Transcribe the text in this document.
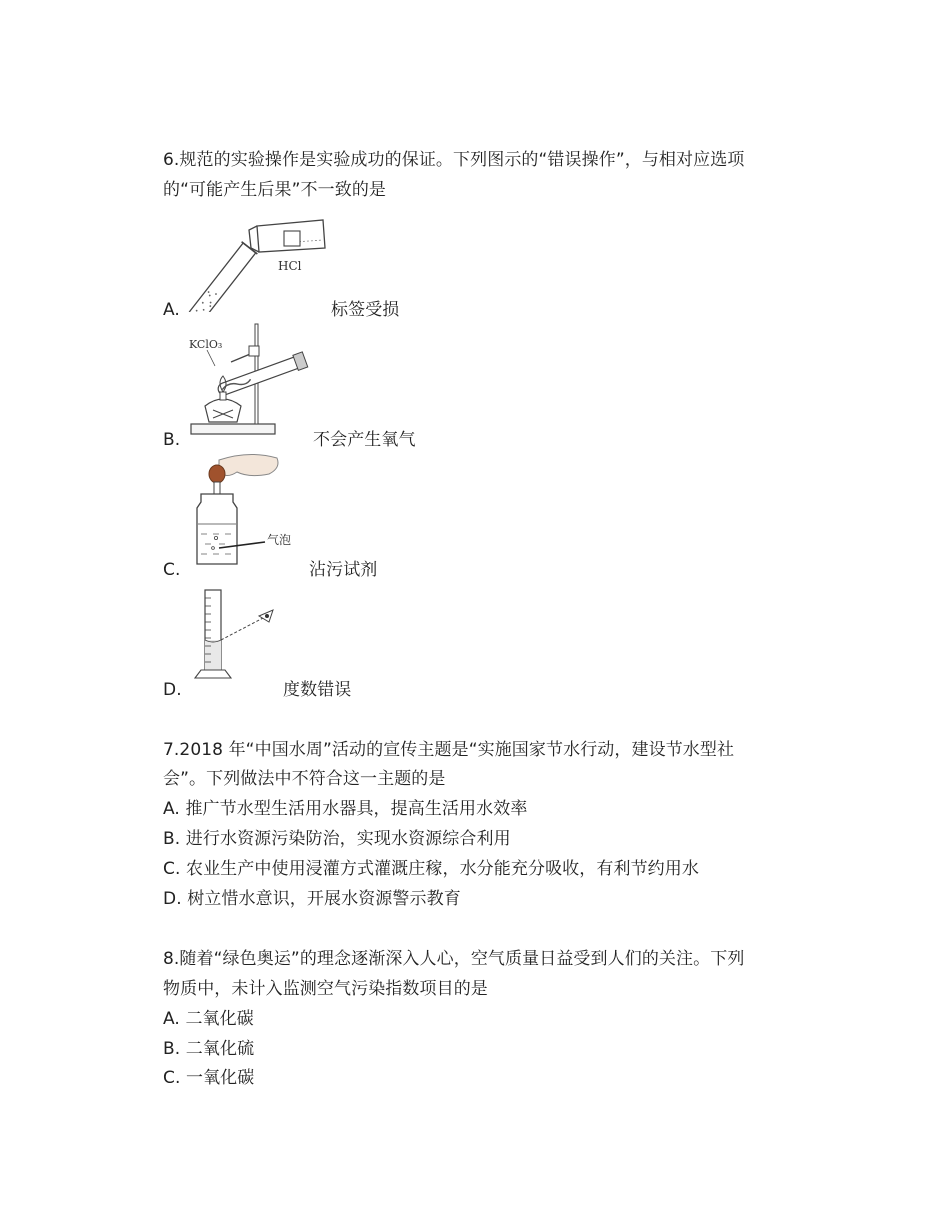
6.规范的实验操作是实验成功的保证。下列图示的“错误操作”，与相对应选项
的“可能产生后果”不一致的是
HCl
A.	标签受损
KClO₃
B.	不会产生氧气
气泡
C.	沾污试剂
D.	度数错误
7.2018 年“中国水周”活动的宣传主题是“实施国家节水行动，建设节水型社
会”。下列做法中不符合这一主题的是
A. 推广节水型生活用水器具，提高生活用水效率
B. 进行水资源污染防治，实现水资源综合利用
C. 农业生产中使用浸灌方式灌溉庄稼，水分能充分吸收，有利节约用水
D. 树立惜水意识，开展水资源警示教育
8.随着“绿色奥运”的理念逐渐深入人心，空气质量日益受到人们的关注。下列
物质中，未计入监测空气污染指数项目的是
A. 二氧化碳
B. 二氧化硫
C. 一氧化碳
